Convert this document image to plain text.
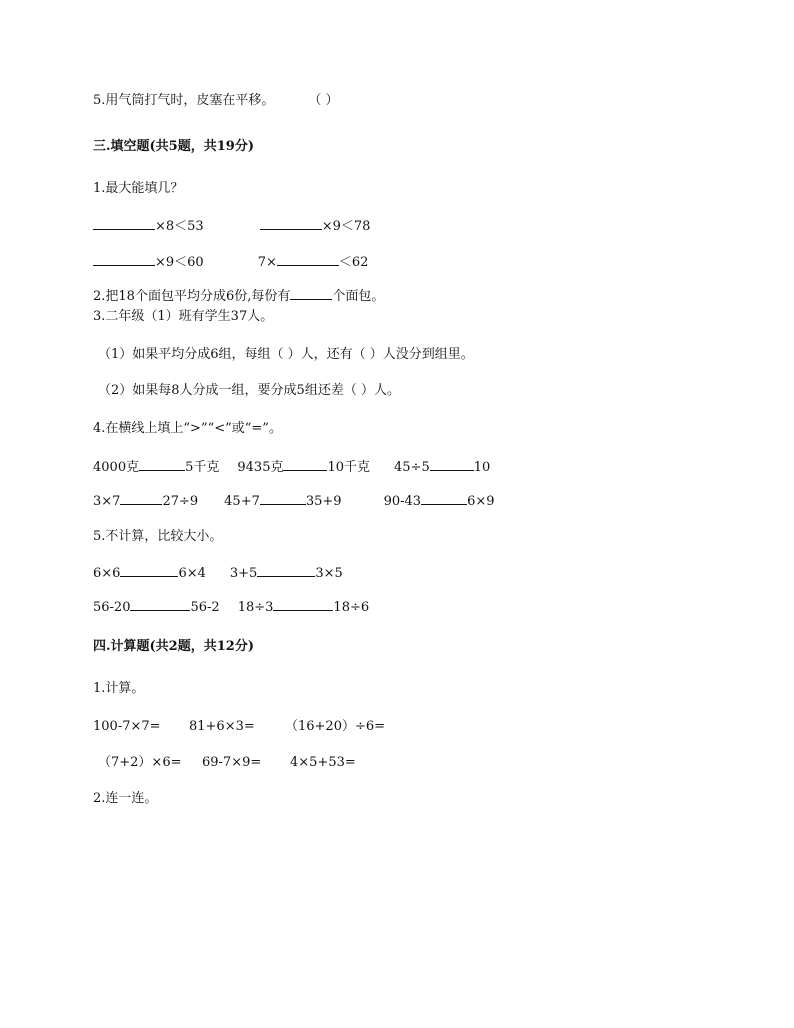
5.用气筒打气时，皮塞在平移。	（ ）
三.填空题(共5题，共19分)
1.最大能填几？
×8＜53	×9＜78
×9＜60	7×	＜62
2.把18个面包平均分成6份,每份有	个面包。
3.二年级（1）班有学生37人。
（1）如果平均分成6组，每组（ ）人，还有（ ）人没分到组里。
（2）如果每8人分成一组，要分成5组还差（ ）人。
4.在横线上填上“>”“<”或“=”。
4000克	5千克 9435克	10千克 45÷5	10
3×7	27÷9 45+7	35+9	90-43	6×9
5.不计算，比较大小。
6×6	6×4 3+5	3×5
56-20	56-2 18÷3	18÷6
四.计算题(共2题，共12分)
1.计算。
100-7×7= 81+6×3= （16+20）÷6=
（7+2）×6= 69-7×9= 4×5+53=
2.连一连。
